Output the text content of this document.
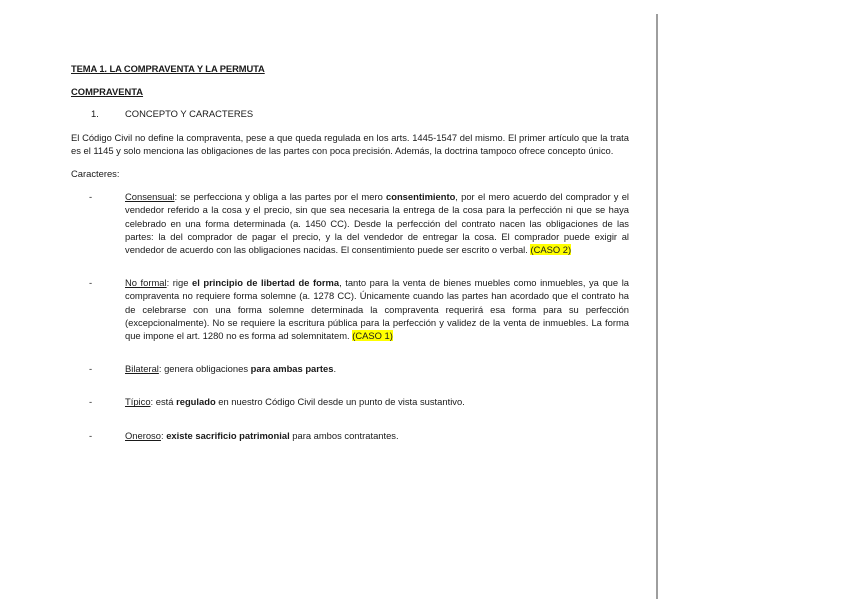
TEMA 1. LA COMPRAVENTA Y LA PERMUTA
COMPRAVENTA
1.	CONCEPTO Y CARACTERES

El Código Civil no define la compraventa, pese a que queda regulada en los arts. 1445-1547 del mismo. El primer artículo que la trata es el 1145 y solo menciona las obligaciones de las partes con poca precisión. Además, la doctrina tampoco ofrece concepto único.

Caracteres:

-	Consensual: se perfecciona y obliga a las partes por el mero consentimiento, por el mero acuerdo del comprador y el vendedor referido a la cosa y el precio, sin que sea necesaria la entrega de la cosa para la perfección ni que se haya celebrado en una forma determinada (a. 1450 CC). Desde la perfección del contrato nacen las obligaciones de las partes: la del comprador de pagar el precio, y la del vendedor de entregar la cosa. El comprador puede exigir al vendedor de acuerdo con las obligaciones nacidas. El consentimiento puede ser escrito o verbal. (CASO 2)
-	No formal: rige el principio de libertad de forma, tanto para la venta de bienes muebles como inmuebles, ya que la compraventa no requiere forma solemne (a. 1278 CC). Únicamente cuando las partes han acordado que el contrato ha de celebrarse con una forma solemne determinada la compraventa requerirá esa forma para su perfección (excepcionalmente). No se requiere la escritura pública para la perfección y validez de la venta de inmuebles. La forma que impone el art. 1280 no es forma ad solemnitatem. (CASO 1)
-	Bilateral: genera obligaciones para ambas partes.
-	Típico: está regulado en nuestro Código Civil desde un punto de vista sustantivo.
-	Oneroso: existe sacrificio patrimonial para ambos contratantes.
